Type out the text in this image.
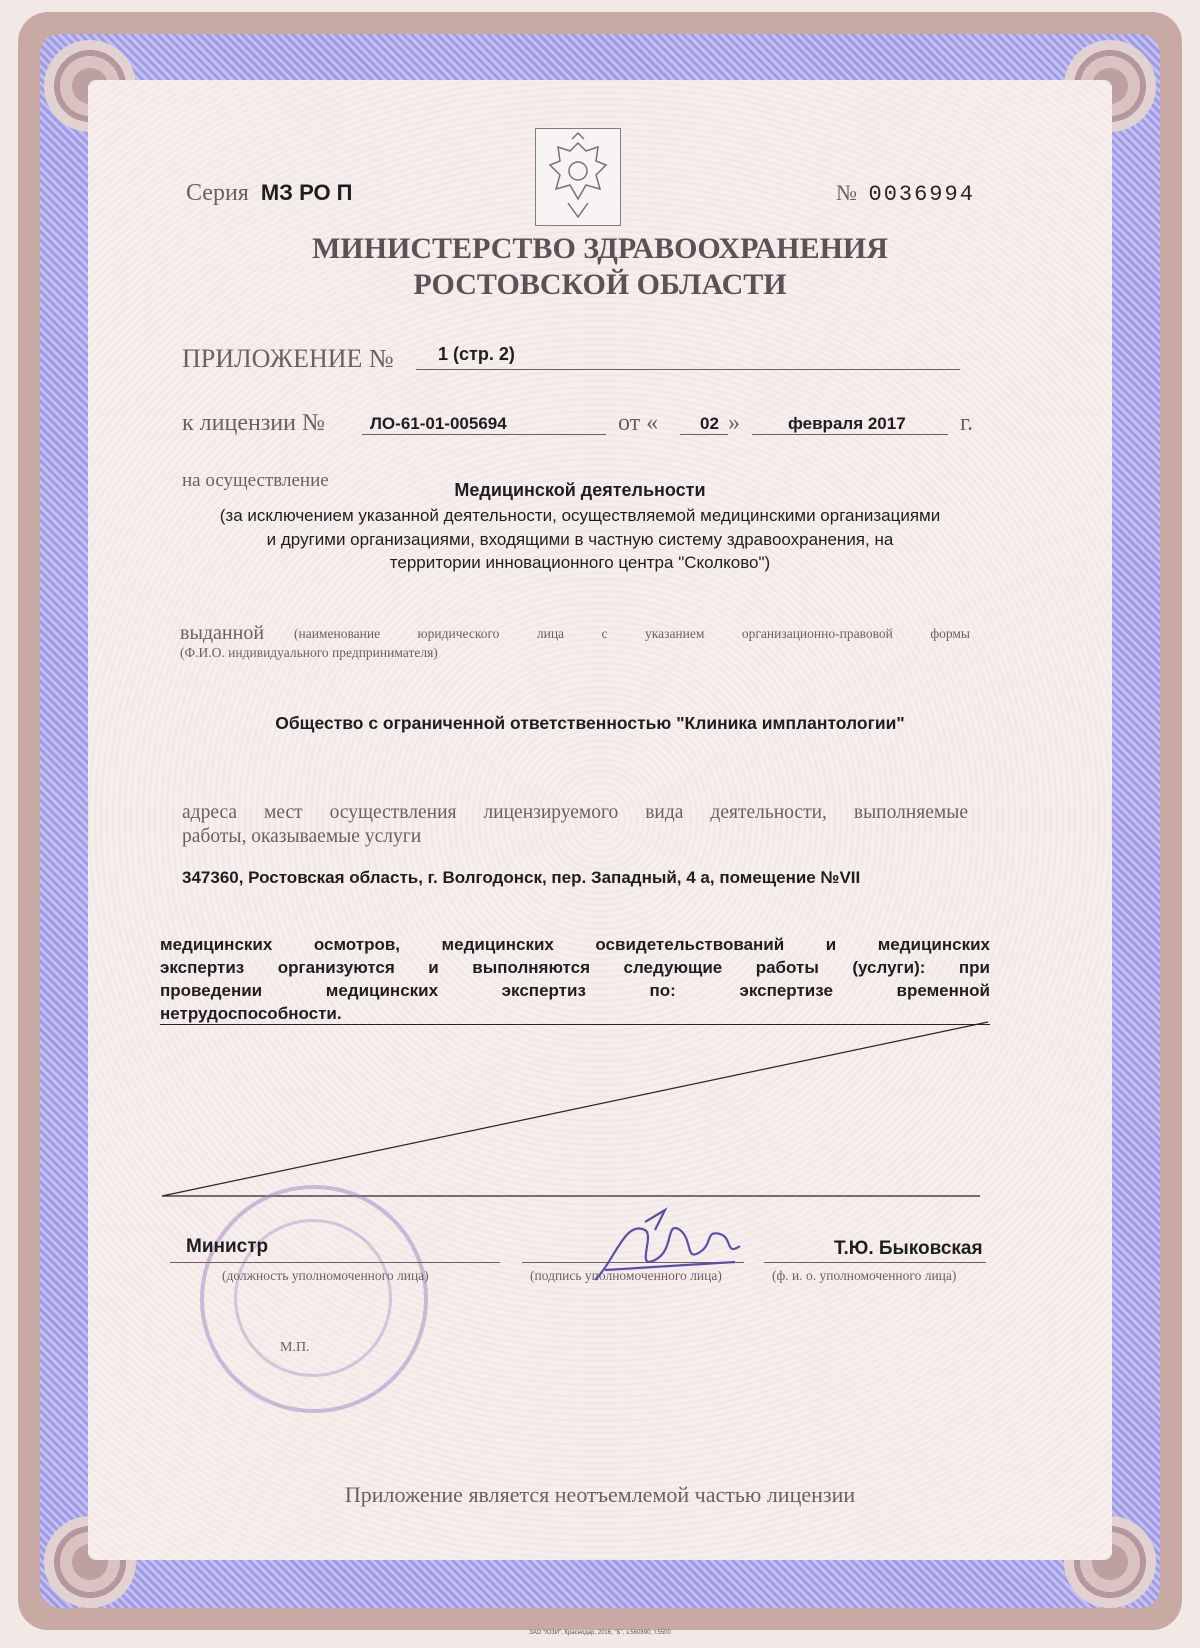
Серия МЗ РО П	№ 0036994
МИНИСТЕРСТВО ЗДРАВООХРАНЕНИЯ
РОСТОВСКОЙ ОБЛАСТИ
ПРИЛОЖЕНИЕ № 1 (стр. 2)
к лицензии №	ЛО-61-01-005694	от « 02 »	февраля 2017 г.
на осуществление	Медицинской деятельности
(за исключением указанной деятельности, осуществляемой медицинскими организациями
и другими организациями, входящими в частную систему здравоохранения, на
территории инновационного центра "Сколково")
выданной (наименование юридического лица с указанием организационно-правовой формы
(Ф.И.О. индивидуального предпринимателя)
Общество с ограниченной ответственностью "Клиника имплантологии"
адреса мест осуществления лицензируемого вида деятельности, выполняемые
работы, оказываемые услуги
347360, Ростовская область, г. Волгодонск, пер. Западный, 4 а, помещение №VII
медицинских осмотров, медицинских освидетельствований и медицинских
экспертиз организуются и выполняются следующие работы (услуги): при
проведении медицинских экспертиз по: экспертизе временной
нетрудоспособности.
Министр
(должность уполномоченного лица)	(подпись уполномоченного лица)
Т.Ю. Быковская
(ф. и. о. уполномоченного лица)
М.П.
Приложение является неотъемлемой частью лицензии
ЗАО "ЮЗИ", Краснодар, 2016, "Б", з.560890, т.5500
